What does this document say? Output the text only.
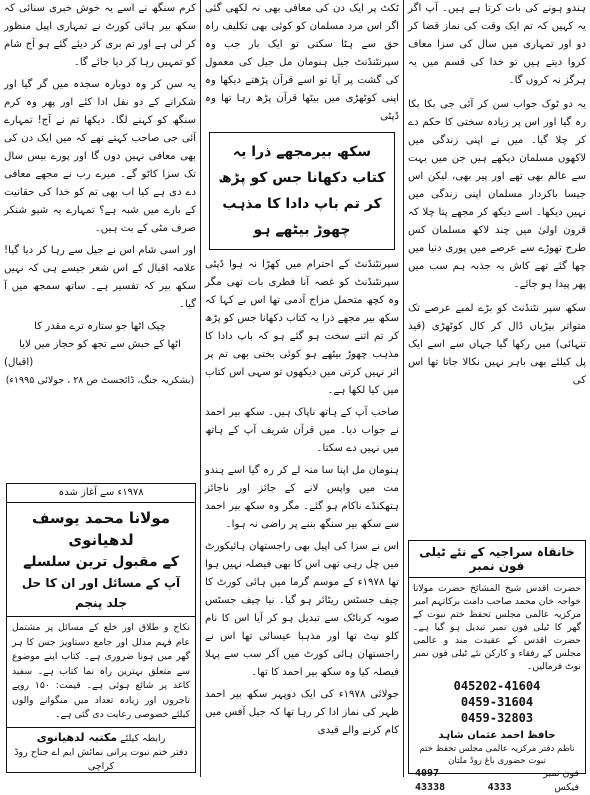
ہندو ہونے کی بات کرتا ہے ہیں۔ آپ اگر یہ کہیں کہ تم ایک وقت کی نماز قضا کر دو اور تمہاری میں سال کی سزا معاف کروا دیتے ہیں تو خدا کی قسم میں یہ ہرگز نہ کروں گا۔

یہ دو ٹوک جواب سن کر آئی جی بکا بکا رہ گیا اور اس پر زیادہ سختی کا حکم دے کر چلا گیا۔ میں نے اپنی زندگی میں لاکھوں مسلمان دیکھے ہیں جن میں بہت سے عالم بھی تھے اور پیر بھی، لیکن اس جیسا باکردار مسلمان اپنی زندگی میں نہیں دیکھا۔ اسے دیکھ کر مجھے پتا چلا کہ قرون اولیٰ میں چند لاکھ مسلمان کس طرح تھوڑے سے عرصے میں پوری دنیا میں چھا گئے تھے کاش یہ جذبہ ہم سب میں پھر پیدا ہو جائے۔

سکھ سپر نٹنڈنٹ کو بڑے لمبے عرصے تک متواتر بیڑیاں ڈال کر کال کوٹھڑی (قید تنہائی) میں رکھا گیا جہاں سے اسے ایک پل کیلئے بھی باہر نہیں نکالا جاتا تھا اس کی

خانقاہ سراجیہ کے نئے ٹیلی فون نمبر
حضرت اقدس شیخ المشائخ حضرت مولانا خواجہ خان محمد صاحب دامت برکاتہم امیر مرکزیہ عالمی مجلس تحفظ ختم نبوت کے گھر کا ٹیلی فون نمبر تبدیل ہو گیا ہے۔ حضرت اقدس کے عقیدت مند و عالمی مجلس کے رفقاء و کارکن نئے ٹیلی فون نمبر نوٹ فرمالیں۔
045202-41604
0459-31604
0459-32803
حافظ احمد عثمان شاہد
ناظم دفتر مرکزیہ عالمی مجلس تحفظ ختم نبوت حضوری باغ روڈ ملتان
فون نمبر
4097
فیکس
4333
43338

ٹکٹ پر ایک دن کی معافی بھی نہ لکھی گئی اگر اس مرد مسلمان کو کوئی بھی تکلیف راہ حق سے ہٹا سکتی تو ایک بار جب وہ سپرنٹنڈنٹ جیل ہنومان مل جیل کی معمول کی گشت پر آیا تو اسے قرآن پڑھتے دیکھا وہ اپنی کوٹھڑی میں بیٹھا قرآن پڑھ رہا تھا وہ ڈپٹی

سکھ بیرمجھے ذرا یہ کتاب دکھانا جس کو پڑھ کر تم باپ دادا کا مذہب چھوڑ بیٹھے ہو

سپرنٹنڈنٹ کے احترام میں کھڑا نہ ہوا ڈپٹی سپرنٹنڈنٹ کو غصہ آنا فطری بات تھی مگر وہ کچھ متحمل مزاج آدمی تھا اس نے کہا کہ سکھ بیر مجھے ذرا یہ کتاب دکھانا جس کو پڑھ کر تم اتنے سخت ہو گئے ہو کہ باپ دادا کا مذہب چھوڑ بیٹھے ہو کوئی بختی بھی تم پر اثر نہیں کرتی میں دیکھوں تو سہی اس کتاب میں کیا لکھا ہے۔

صاحب آپ کے ہاتھ ناپاک ہیں۔ سکھ بیر احمد نے جواب دیا۔ میں قرآن شریف آپ کے ہاتھ میں نہیں دے سکتا۔

ہنومان مل اپنا سا منہ لے کر رہ گیا اسے ہندو مت میں واپس لانے کے جائز اور ناجائز ہتھکنڈے ناکام ہو گئے۔ مگر وہ سکھ بیر احمد سے سکھ بیر سنگھ بننے پر راضی نہ ہوا۔

اس نے سزا کی اپیل بھی راجستھان ہائیکورٹ میں چل رہی تھی اس کا بھی فیصلہ نہیں ہوا تھا ۱۹۷۸ء کے موسم گرما میں ہائی کورٹ کا چیف جسٹس ریٹائر ہو گیا۔ نیا چیف جسٹس صوبہ کرناٹک سے تبدیل ہو کر آیا اس کا نام کلو نیٹ تھا اور مذہبا عیسائی تھا اس نے راجستھان ہائی کورٹ میں آکر سب سے پہلا فیصلہ کیا وہ سکھ بیر احمد کا تھا۔

جولائی ۱۹۷۸ء کی ایک دوپہر سکھ بیر احمد ظہر کی نماز ادا کر رہا تھا کہ جیل آفس میں کام کرنے والے قیدی

کرم سنگھ نے اسے یہ خوش خبری سنائی کہ سکھ بیر ہائی کورٹ نے تمہاری اپیل منظور کر لی ہے اور تم بری کر دیئے گئے ہو آج شام کو تمہیں رہا کر دیا جائے گا۔

یہ سن کر وہ دوبارہ سجدہ میں گر گیا اور شکرانے کے دو نفل ادا کئے اور پھر وہ کرم سنگھ کو کہنے لگا۔ دیکھا تم نے آج! تمہارے آئی جی صاحب کہتے تھے کہ میں ایک دن کی بھی معافی نہیں دوں گا اور پورے بیس سال تک سزا کاٹو گے۔ میرے رب نے مجھے معافی دے دی ہے کیا اب بھی تم کو خدا کی حقانیت کے بارے میں شبہ ہے؟ تمہارے یہ شیو شنکر صرف مٹی کے بت ہیں۔

اور اسی شام اس نے جیل سے رہا کر دیا گیا! علامہ اقبال کے اس شعر جیسے ہی کہ نہیں سکھ بیر کہ تفسیر ہے۔ ساتھ سمجھ میں آ گیا۔

چیک اٹھا جو ستارہ ترے مقدر کا

اٹھا کے حبش سے تجھ کو حجاز میں لایا

(اقبال)

(بشکریہ جنگ، ڈائجسٹ ص ۲۸ ، جولائی ۱۹۹۵ء)

۱۹۷۸ء سے آغاز شدہ
مولانا محمد یوسف لدھیانوی
کے مقبول ترین سلسلے
آپ کے مسائل اور ان کا حل
جلد پنجم
نکاح و طلاق اور خلع کے مسائل پر مشتمل عام فہم مدلل اور جامع دستاویز جس کا ہر گھر میں ہونا ضروری ہے۔ کتاب اپنے موضوع سے متعلق بہترین راہ نما کتاب ہے۔ سفید کاغذ پر شائع ہوئی ہے۔ قیمت: ۱۵۰ روپے تاجروں اور زیادہ تعداد میں منگوانے والوں کیلئے خصوصی رعایت دی گئی ہے۔
رابطہ کیلئے مکتبہ لدھیانوی
دفتر ختم نبوت پرانی نمائش ایم اے جناح روڈ کراچی
